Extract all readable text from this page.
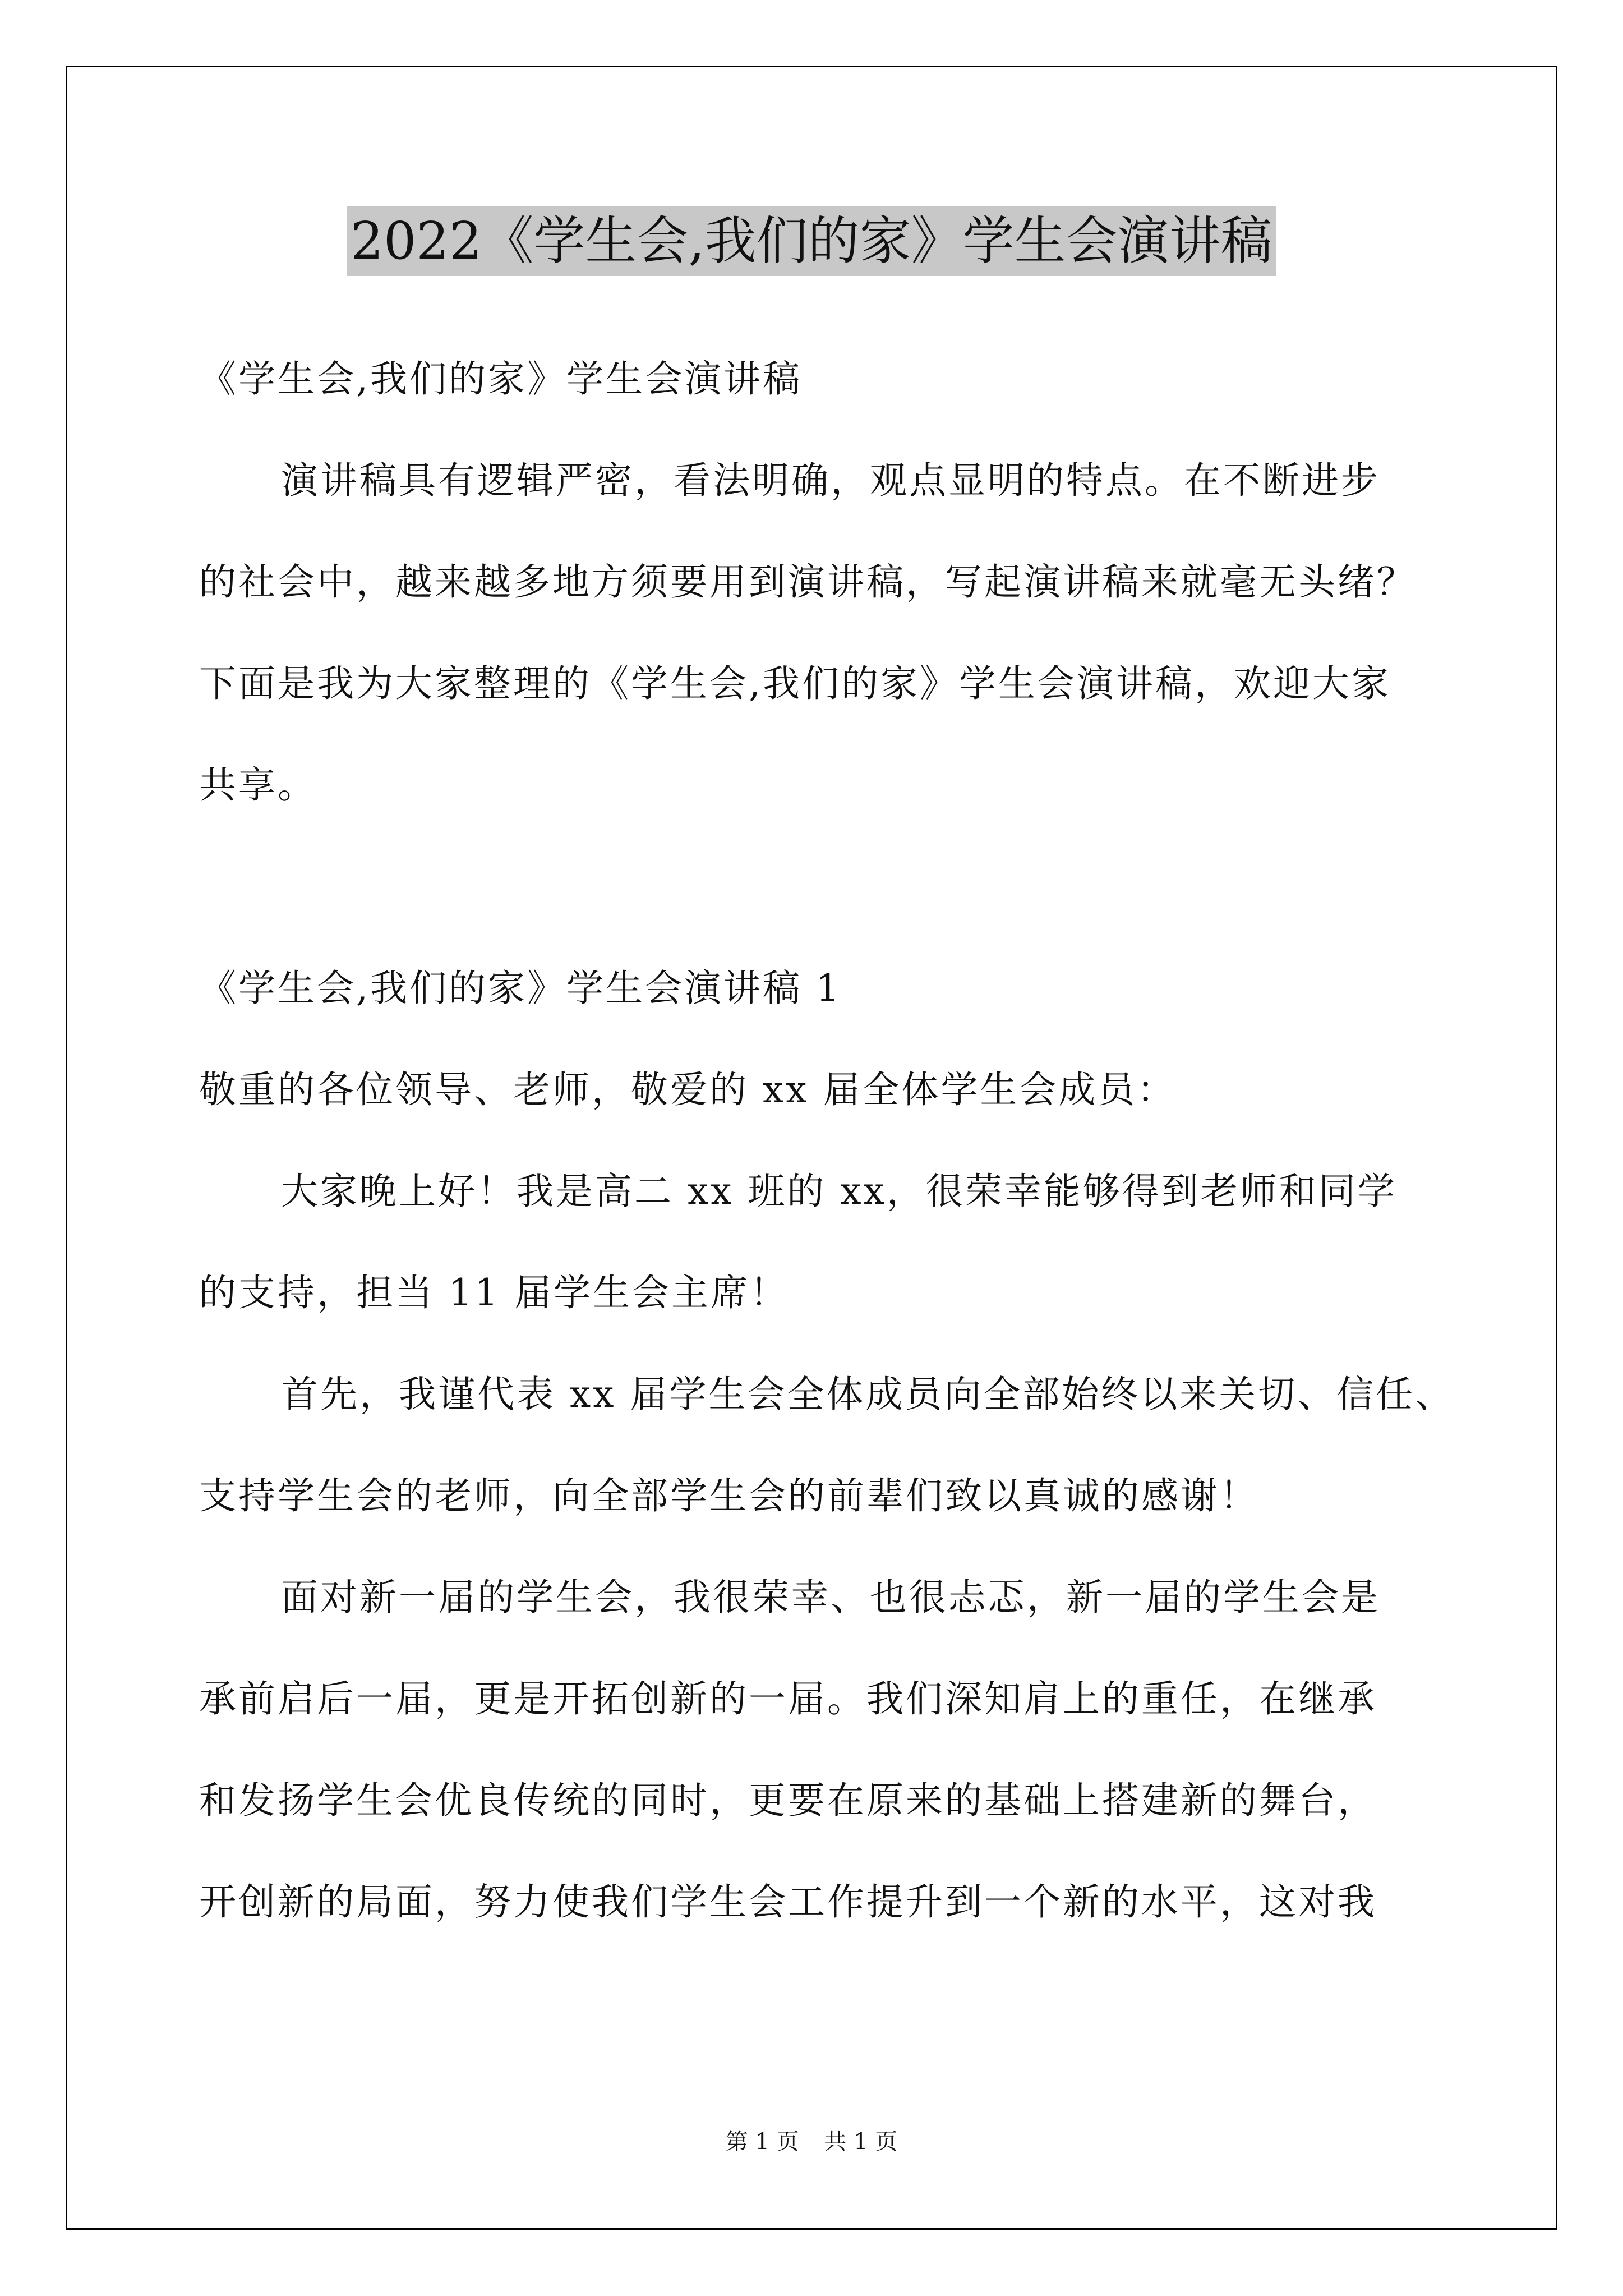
2022《学生会,我们的家》学生会演讲稿
《学生会,我们的家》学生会演讲稿
演讲稿具有逻辑严密，看法明确，观点显明的特点。在不断进步
的社会中，越来越多地方须要用到演讲稿，写起演讲稿来就毫无头绪？
下面是我为大家整理的《学生会,我们的家》学生会演讲稿，欢迎大家
共享。
《学生会,我们的家》学生会演讲稿 1
敬重的各位领导、老师，敬爱的 xx 届全体学生会成员：
大家晚上好！我是高二 xx 班的 xx，很荣幸能够得到老师和同学
的支持，担当 11 届学生会主席！
首先，我谨代表 xx 届学生会全体成员向全部始终以来关切、信任、
支持学生会的老师，向全部学生会的前辈们致以真诚的感谢！
面对新一届的学生会，我很荣幸、也很忐忑，新一届的学生会是
承前启后一届，更是开拓创新的一届。我们深知肩上的重任，在继承
和发扬学生会优良传统的同时，更要在原来的基础上搭建新的舞台，
开创新的局面，努力使我们学生会工作提升到一个新的水平，这对我
第 1 页 共 1 页
